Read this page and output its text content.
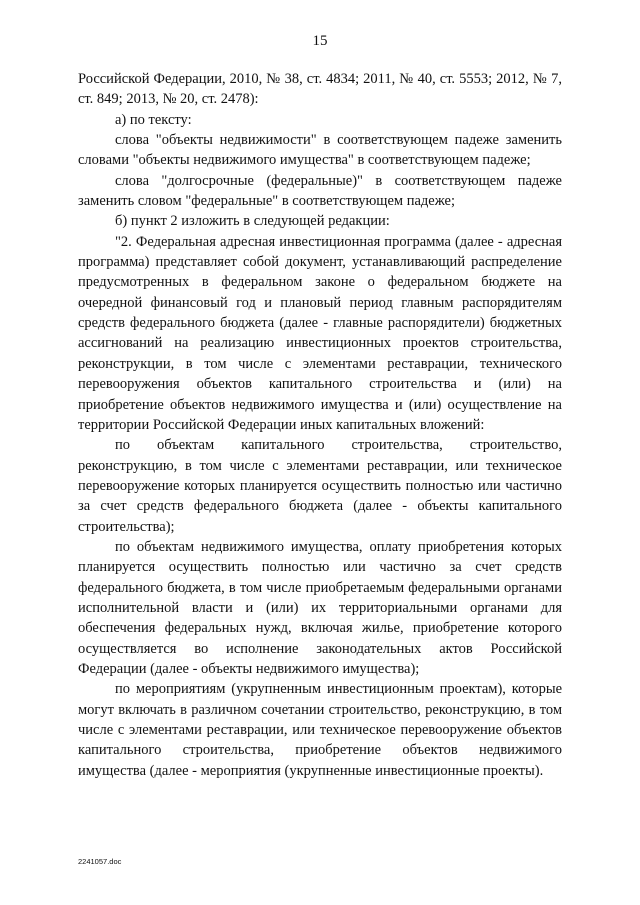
15

Российской Федерации, 2010, № 38, ст. 4834; 2011, № 40, ст. 5553; 2012, № 7, ст. 849; 2013, № 20, ст. 2478):

а) по тексту:

слова "объекты недвижимости" в соответствующем падеже заменить словами "объекты недвижимого имущества" в соответствующем падеже;

слова "долгосрочные (федеральные)" в соответствующем падеже заменить словом "федеральные" в соответствующем падеже;

б) пункт 2 изложить в следующей редакции:

"2. Федеральная адресная инвестиционная программа (далее - адресная программа) представляет собой документ, устанавливающий распределение предусмотренных в федеральном законе о федеральном бюджете на очередной финансовый год и плановый период главным распорядителям средств федерального бюджета (далее - главные распорядители) бюджетных ассигнований на реализацию инвестиционных проектов строительства, реконструкции, в том числе с элементами реставрации, технического перевооружения объектов капитального строительства и (или) на приобретение объектов недвижимого имущества и (или) осуществление на территории Российской Федерации иных капитальных вложений:

по объектам капитального строительства, строительство, реконструкцию, в том числе с элементами реставрации, или техническое перевооружение которых планируется осуществить полностью или частично за счет средств федерального бюджета (далее - объекты капитального строительства);

по объектам недвижимого имущества, оплату приобретения которых планируется осуществить полностью или частично за счет средств федерального бюджета, в том числе приобретаемым федеральными органами исполнительной власти и (или) их территориальными органами для обеспечения федеральных нужд, включая жилье, приобретение которого осуществляется во исполнение законодательных актов Российской Федерации (далее - объекты недвижимого имущества);

по мероприятиям (укрупненным инвестиционным проектам), которые могут включать в различном сочетании строительство, реконструкцию, в том числе с элементами реставрации, или техническое перевооружение объектов капитального строительства, приобретение объектов недвижимого имущества (далее - мероприятия (укрупненные инвестиционные проекты).

2241057.doc
